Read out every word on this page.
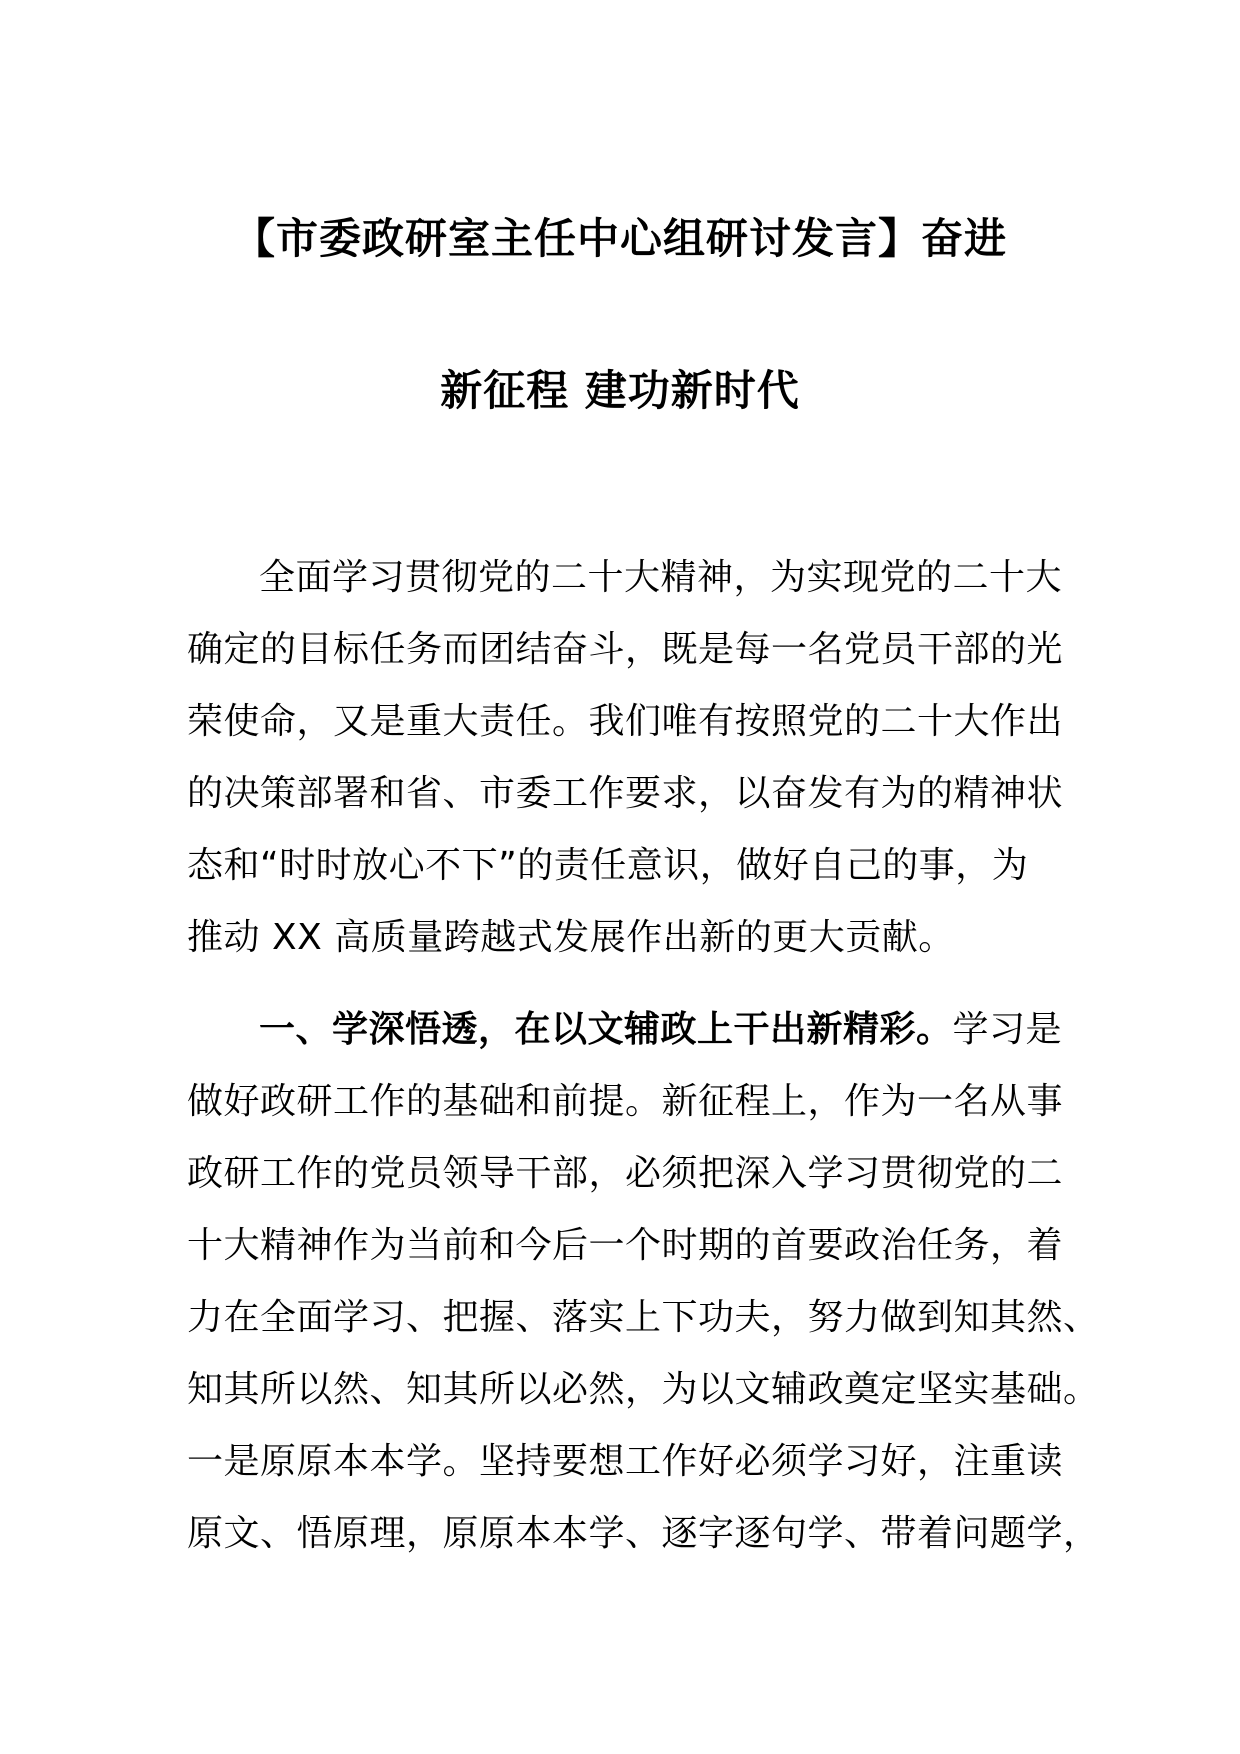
【市委政研室主任中心组研讨发言】奋进
新征程 建功新时代
全面学习贯彻党的二十大精神，为实现党的二十大
确定的目标任务而团结奋斗，既是每一名党员干部的光
荣使命，又是重大责任。我们唯有按照党的二十大作出
的决策部署和省、市委工作要求，以奋发有为的精神状
态和“时时放心不下”的责任意识，做好自己的事，为
推动 XX 高质量跨越式发展作出新的更大贡献。
一、学深悟透，在以文辅政上干出新精彩。学习是
做好政研工作的基础和前提。新征程上，作为一名从事
政研工作的党员领导干部，必须把深入学习贯彻党的二
十大精神作为当前和今后一个时期的首要政治任务，着
力在全面学习、把握、落实上下功夫，努力做到知其然、
知其所以然、知其所以必然，为以文辅政奠定坚实基础。
一是原原本本学。坚持要想工作好必须学习好，注重读
原文、悟原理，原原本本学、逐字逐句学、带着问题学，
